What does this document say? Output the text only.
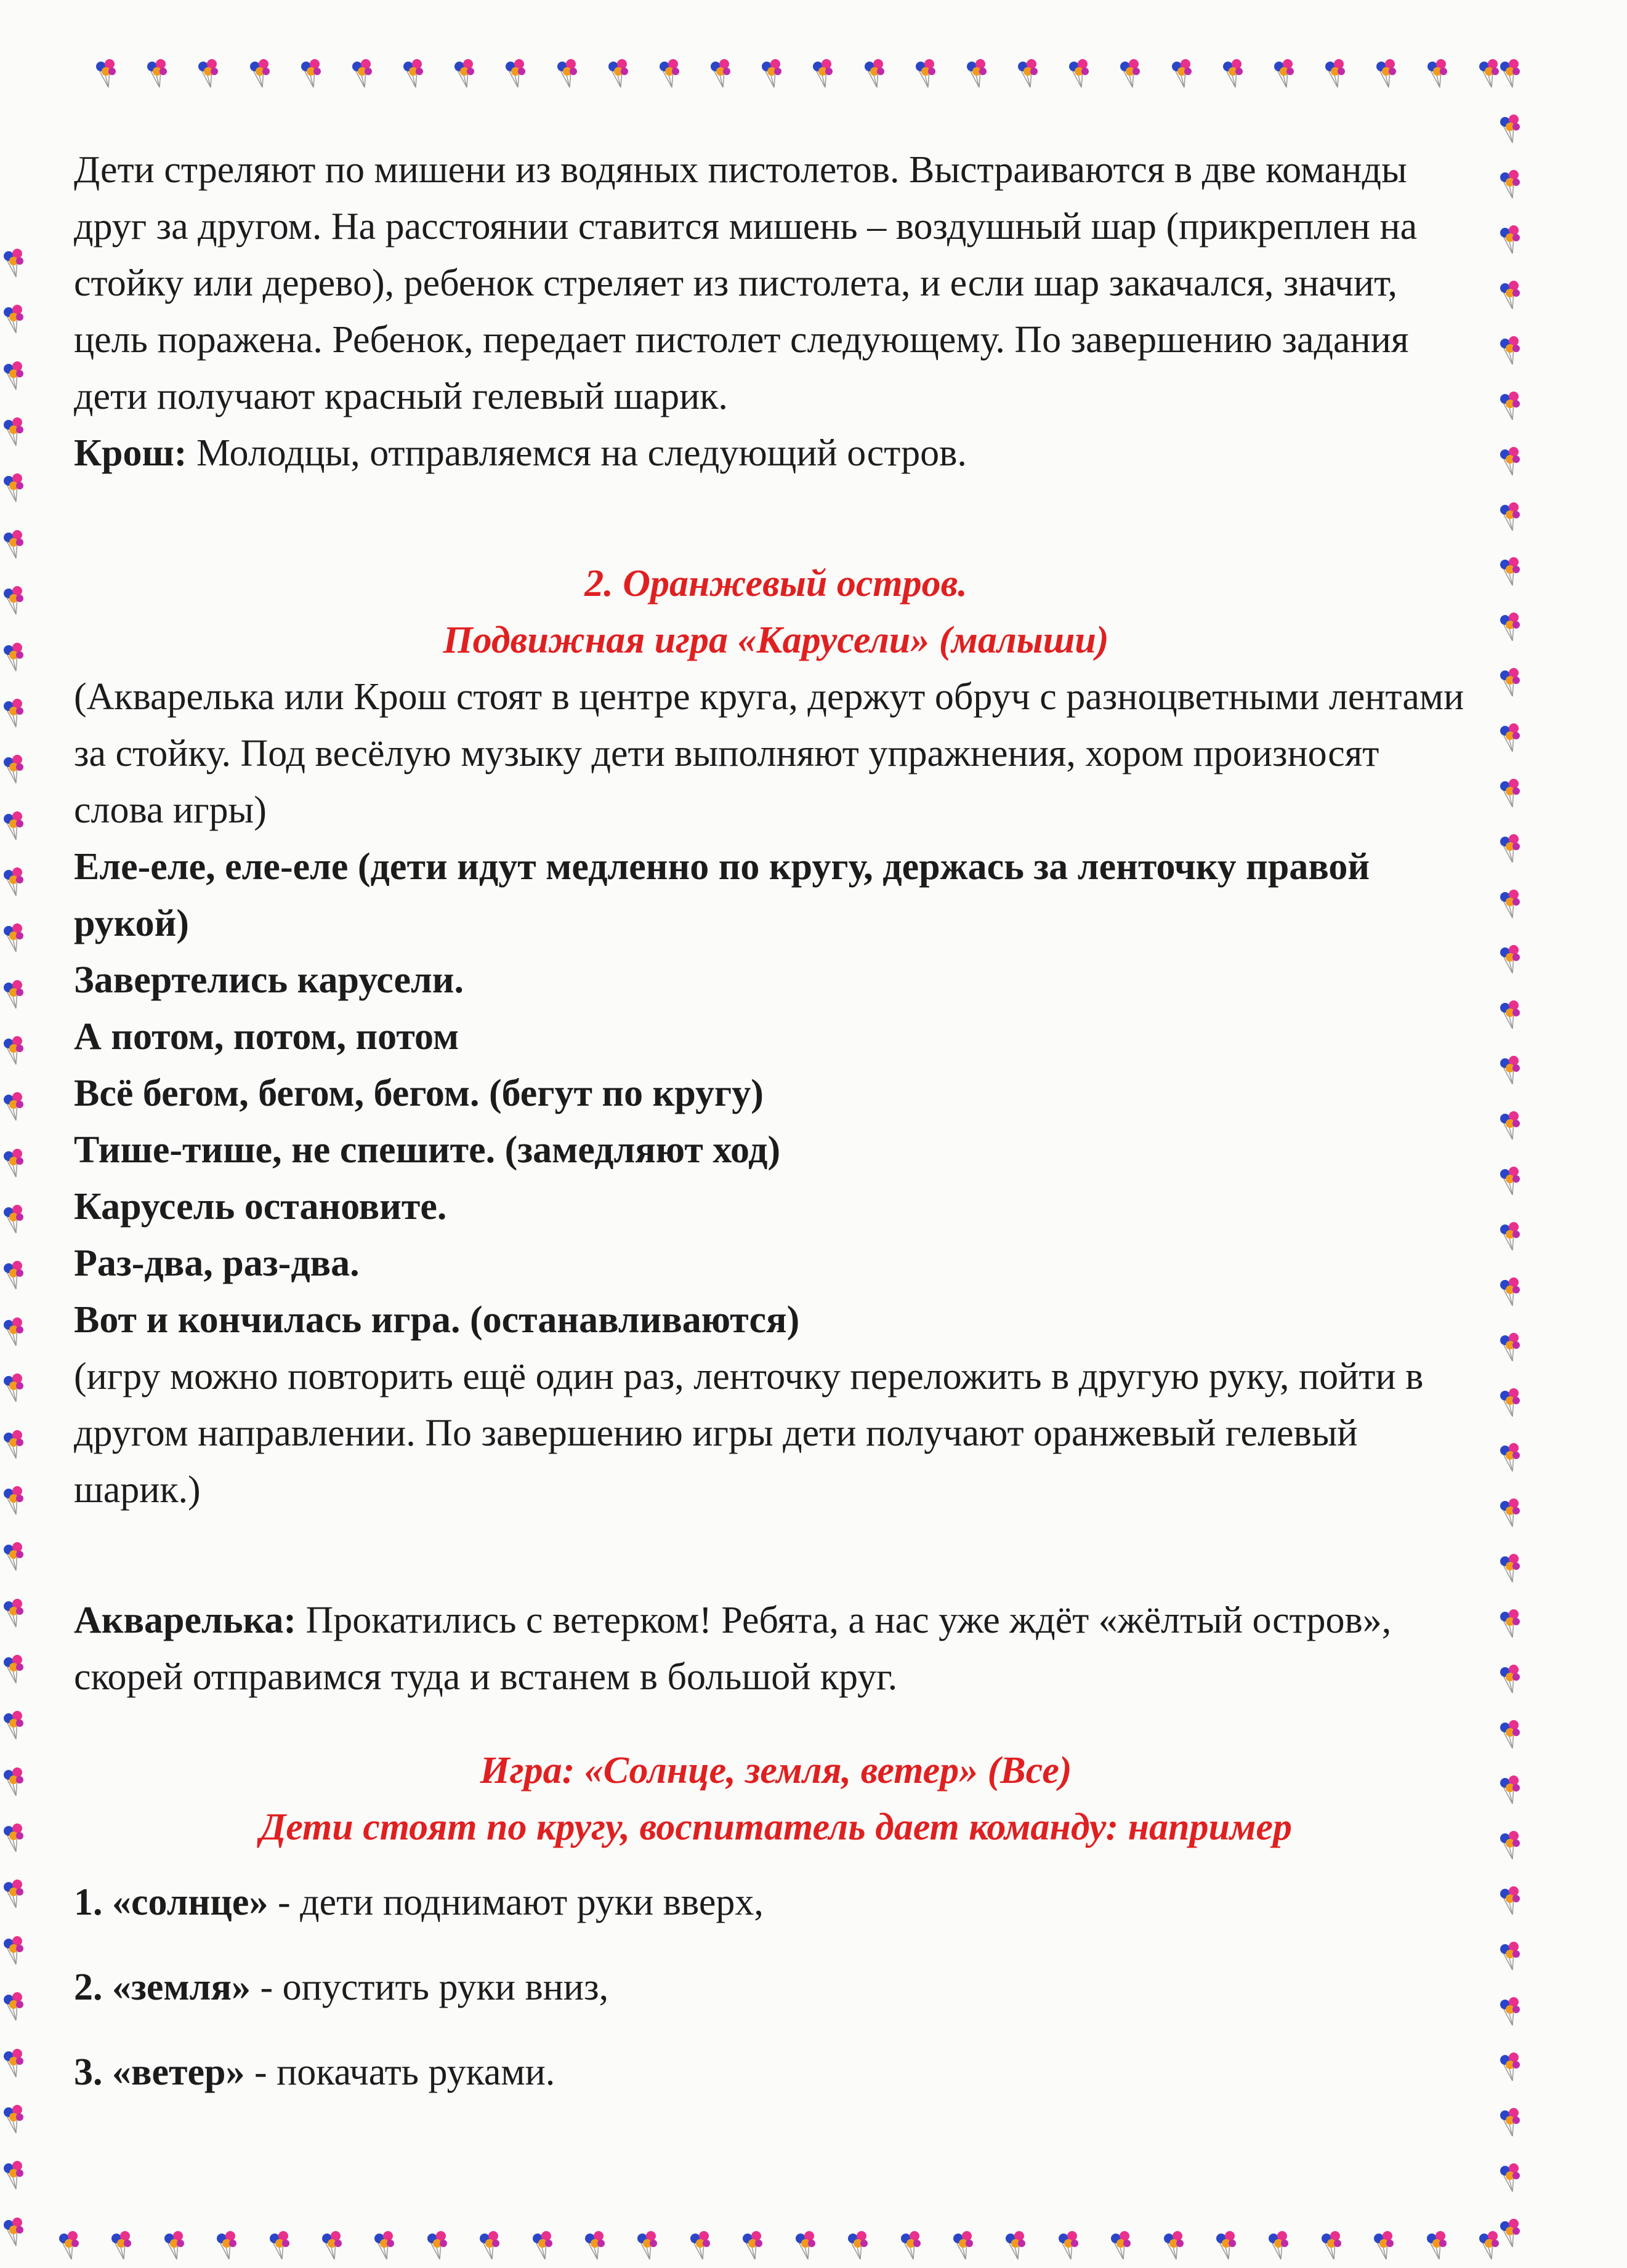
Дети стреляют по мишени из водяных пистолетов. Выстраиваются в две команды друг за другом. На расстоянии ставится мишень – воздушный шар (прикреплен на стойку или дерево), ребенок стреляет из пистолета, и если шар закачался, значит, цель поражена. Ребенок, передает пистолет следующему. По завершению задания дети получают красный гелевый шарик.

Крош: Молодцы, отправляемся на следующий остров.

2. Оранжевый остров.

Подвижная игра «Карусели» (малыши)

(Акварелька или Крош стоят в центре круга, держут обруч с разноцветными лентами за стойку. Под весёлую музыку дети выполняют упражнения, хором произносят слова игры)

Еле-еле, еле-еле (дети идут медленно по кругу, держась за ленточку правой рукой)

Завертелись карусели.

А потом, потом, потом

Всё бегом, бегом, бегом. (бегут по кругу)

Тише-тише, не спешите. (замедляют ход)

Карусель остановите.

Раз-два, раз-два.

Вот и кончилась игра. (останавливаются)

(игру можно повторить ещё один раз, ленточку переложить в другую руку, пойти в другом направлении. По завершению игры дети получают оранжевый гелевый шарик.)

Акварелька: Прокатились с ветерком! Ребята, а нас уже ждёт «жёлтый остров», скорей отправимся туда и встанем в большой круг.

Игра: «Солнце, земля, ветер» (Все)

Дети стоят по кругу, воспитатель дает команду: например

1. «солнце» - дети поднимают руки вверх,

2. «земля» - опустить руки вниз,

3. «ветер» - покачать руками.
